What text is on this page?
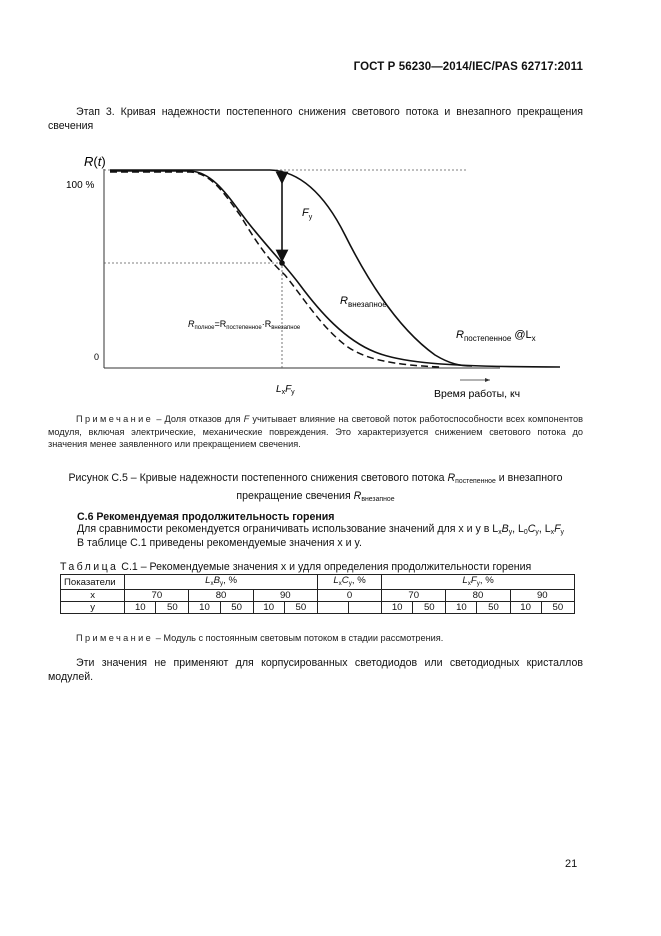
ГОСТ Р 56230—2014/IEC/PAS 62717:2011
Этап 3. Кривая надежности постепенного снижения светового потока и внезапного прекращения свечения
R(t)
100 %
0
$F_y$
$R_{внезапное}$
$R_{полное}=R_{постепенное}\cdot R_{внезапное}$
$R_{постепенное}$ $@L_x$
$L_xF_y$	Время работы, кч
Примечание – Доля отказов для F учитывает влияние на световой поток работоспособности всех компонентов модуля, включая электрические, механические повреждения. Это характеризуется снижением светового потока до значения менее заявленного или прекращением свечения.
Рисунок С.5 – Кривые надежности постепенного снижения светового потока $R_{постепенное}$ и внезапного прекращение свечения $R_{внезапное}$
С.6 Рекомендуемая продолжительность горения
Для сравнимости рекомендуется ограничивать использование значений для x и y в $L_xB_y$, $L_0C_y$, $L_xF_y$
В таблице С.1 приведены рекомендуемые значения x и y.
Таблица С.1 – Рекомендуемые значения x и удля определения продолжительности горения
Показатели	$L_xB_y$, %						$L_xC_y$, %		$L_xF_y$, %					
x	70		80		90		0		70		80		90	
y	10	50	10	50	10	50			10	50	10	50	10	50
Примечание – Модуль с постоянным световым потоком в стадии рассмотрения.
Эти значения не применяют для корпусированных светодиодов или светодиодных кристаллов модулей.
21
